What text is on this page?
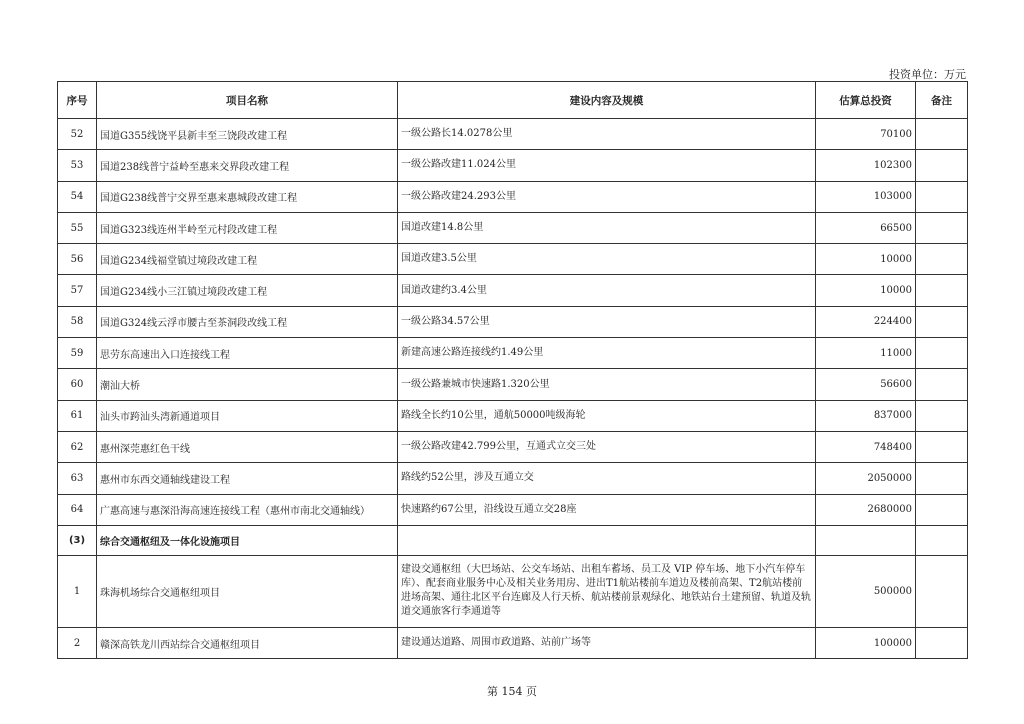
投资单位：万元
序号	项目名称	建设内容及规模	估算总投资	备注
52	国道G355线饶平县新丰至三饶段改建工程	一级公路长14.0278公里	70100	
53	国道238线普宁益岭至惠来交界段改建工程	一级公路改建11.024公里	102300	
54	国道G238线普宁交界至惠来惠城段改建工程	一级公路改建24.293公里	103000	
55	国道G323线连州半岭至元村段改建工程	国道改建14.8公里	66500	
56	国道G234线福堂镇过境段改建工程	国道改建3.5公里	10000	
57	国道G234线小三江镇过境段改建工程	国道改建约3.4公里	10000	
58	国道G324线云浮市腰古至茶洞段改线工程	一级公路34.57公里	224400	
59	思劳东高速出入口连接线工程	新建高速公路连接线约1.49公里	11000	
60	潮汕大桥	一级公路兼城市快速路1.320公里	56600	
61	汕头市跨汕头湾新通道项目	路线全长约10公里，通航50000吨级海轮	837000	
62	惠州深莞惠红色干线	一级公路改建42.799公里，互通式立交三处	748400	
63	惠州市东西交通轴线建设工程	路线约52公里，涉及互通立交	2050000	
64	广惠高速与惠深沿海高速连接线工程（惠州市南北交通轴线）	快速路约67公里，沿线设互通立交28座	2680000	
(3)	综合交通枢纽及一体化设施项目			
1	珠海机场综合交通枢纽项目	建设交通枢纽（大巴场站、公交车场站、出租车蓄场、员工及 VIP 停车场、地下小汽车停车库）、配套商业服务中心及相关业务用房、进出T1航站楼前车道边及楼前高架、T2航站楼前进场高架、通往北区平台连廊及人行天桥、航站楼前景观绿化、地铁站台土建预留、轨道及轨道交通旅客行李通道等	500000	
2	赣深高铁龙川西站综合交通枢纽项目	建设通达道路、周围市政道路、站前广场等	100000	
第 154 页
